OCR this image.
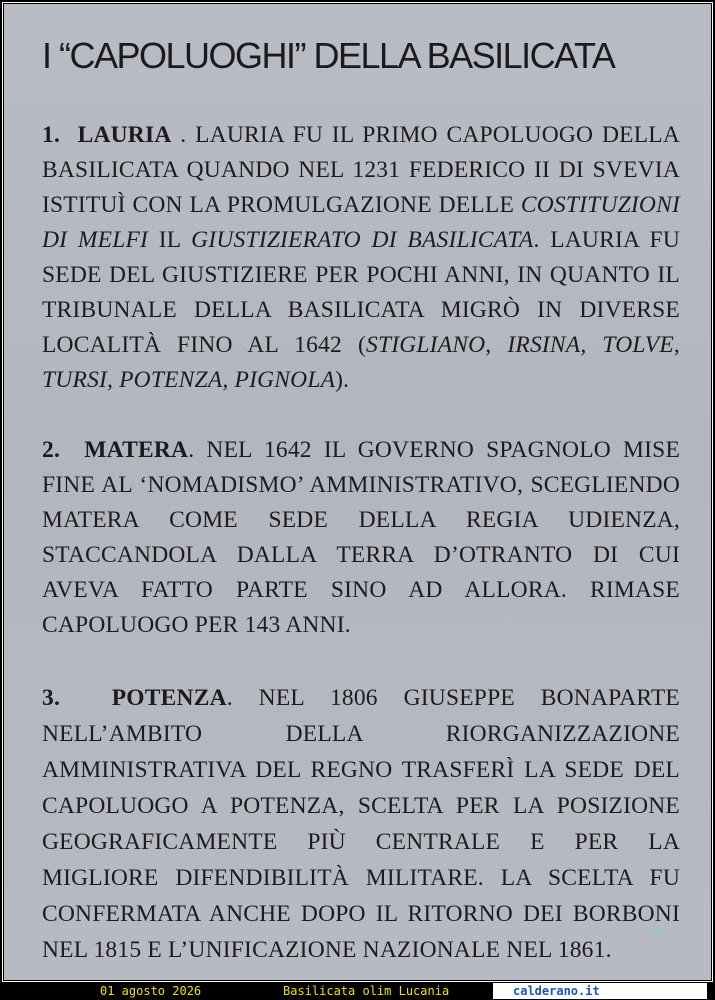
I “CAPOLUOGHI” DELLA BASILICATA
1. LAURIA . LAURIA FU IL PRIMO CAPOLUOGO DELLA BASILICATA QUANDO NEL 1231 FEDERICO II DI SVEVIA ISTITUÌ CON LA PROMULGAZIONE DELLE COSTITUZIONI DI MELFI IL GIUSTIZIERATO DI BASILICATA. LAURIA FU SEDE DEL GIUSTIZIERE PER POCHI ANNI, IN QUANTO IL TRIBUNALE DELLA BASILICATA MIGRÒ IN DIVERSE LOCALITÀ FINO AL 1642 (STIGLIANO, IRSINA, TOLVE, TURSI, POTENZA, PIGNOLA).
2. MATERA. NEL 1642 IL GOVERNO SPAGNOLO MISE FINE AL ‘NOMADISMO’ AMMINISTRATIVO, SCEGLIENDO MATERA COME SEDE DELLA REGIA UDIENZA, STACCANDOLA DALLA TERRA D’OTRANTO DI CUI AVEVA FATTO PARTE SINO AD ALLORA. RIMASE CAPOLUOGO PER 143 ANNI.
3. POTENZA. NEL 1806 GIUSEPPE BONAPARTE NELL’AMBITO DELLA RIORGANIZZAZIONE AMMINISTRATIVA DEL REGNO TRASFERÌ LA SEDE DEL CAPOLUOGO A POTENZA, SCELTA PER LA POSIZIONE GEOGRAFICAMENTE PIÙ CENTRALE E PER LA MIGLIORE DIFENDIBILITÀ MILITARE. LA SCELTA FU CONFERMATA ANCHE DOPO IL RITORNO DEI BORBONI NEL 1815 E L’UNIFICAZIONE NAZIONALE NEL 1861.
✧
01 agosto 2026	Basilicata olim Lucania	calderano.it
